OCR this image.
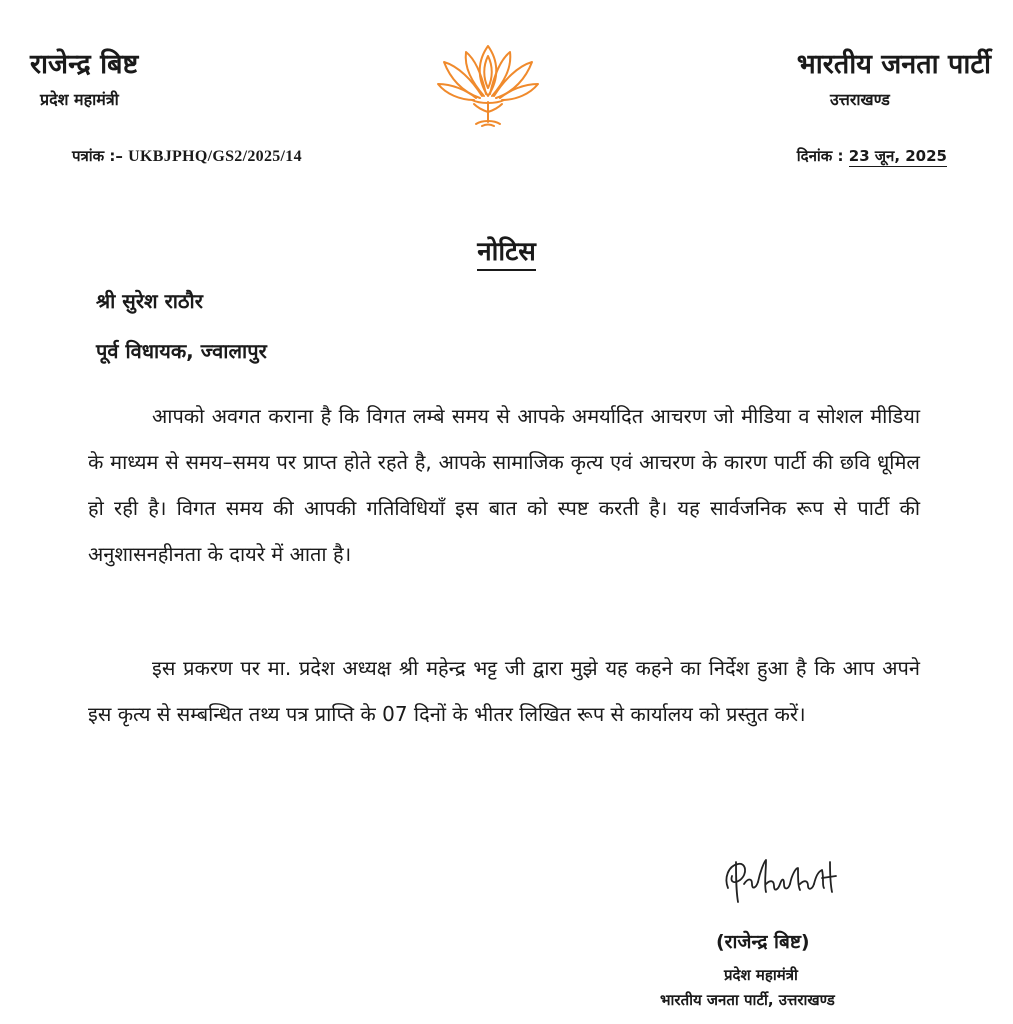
राजेन्द्र बिष्ट
प्रदेश महामंत्री
भारतीय जनता पार्टी
उत्तराखण्ड
पत्रांक :– UKBJPHQ/GS2/2025/14	दिनांक : 23 जून, 2025
नोटिस
श्री सुरेश राठौर
पूर्व विधायक, ज्वालापुर

आपको अवगत कराना है कि विगत लम्बे समय से आपके अमर्यादित आचरण जो मीडिया व सोशल मीडिया के माध्यम से समय–समय पर प्राप्त होते रहते है, आपके सामाजिक कृत्य एवं आचरण के कारण पार्टी की छवि धूमिल हो रही है। विगत समय की आपकी गतिविधियाँ इस बात को स्पष्ट करती है। यह सार्वजनिक रूप से पार्टी की अनुशासनहीनता के दायरे में आता है।

इस प्रकरण पर मा. प्रदेश अध्यक्ष श्री महेन्द्र भट्ट जी द्वारा मुझे यह कहने का निर्देश हुआ है कि आप अपने इस कृत्य से सम्बन्धित तथ्य पत्र प्राप्ति के 07 दिनों के भीतर लिखित रूप से कार्यालय को प्रस्तुत करें।

(राजेन्द्र बिष्ट)
प्रदेश महामंत्री
भारतीय जनता पार्टी, उत्तराखण्ड
